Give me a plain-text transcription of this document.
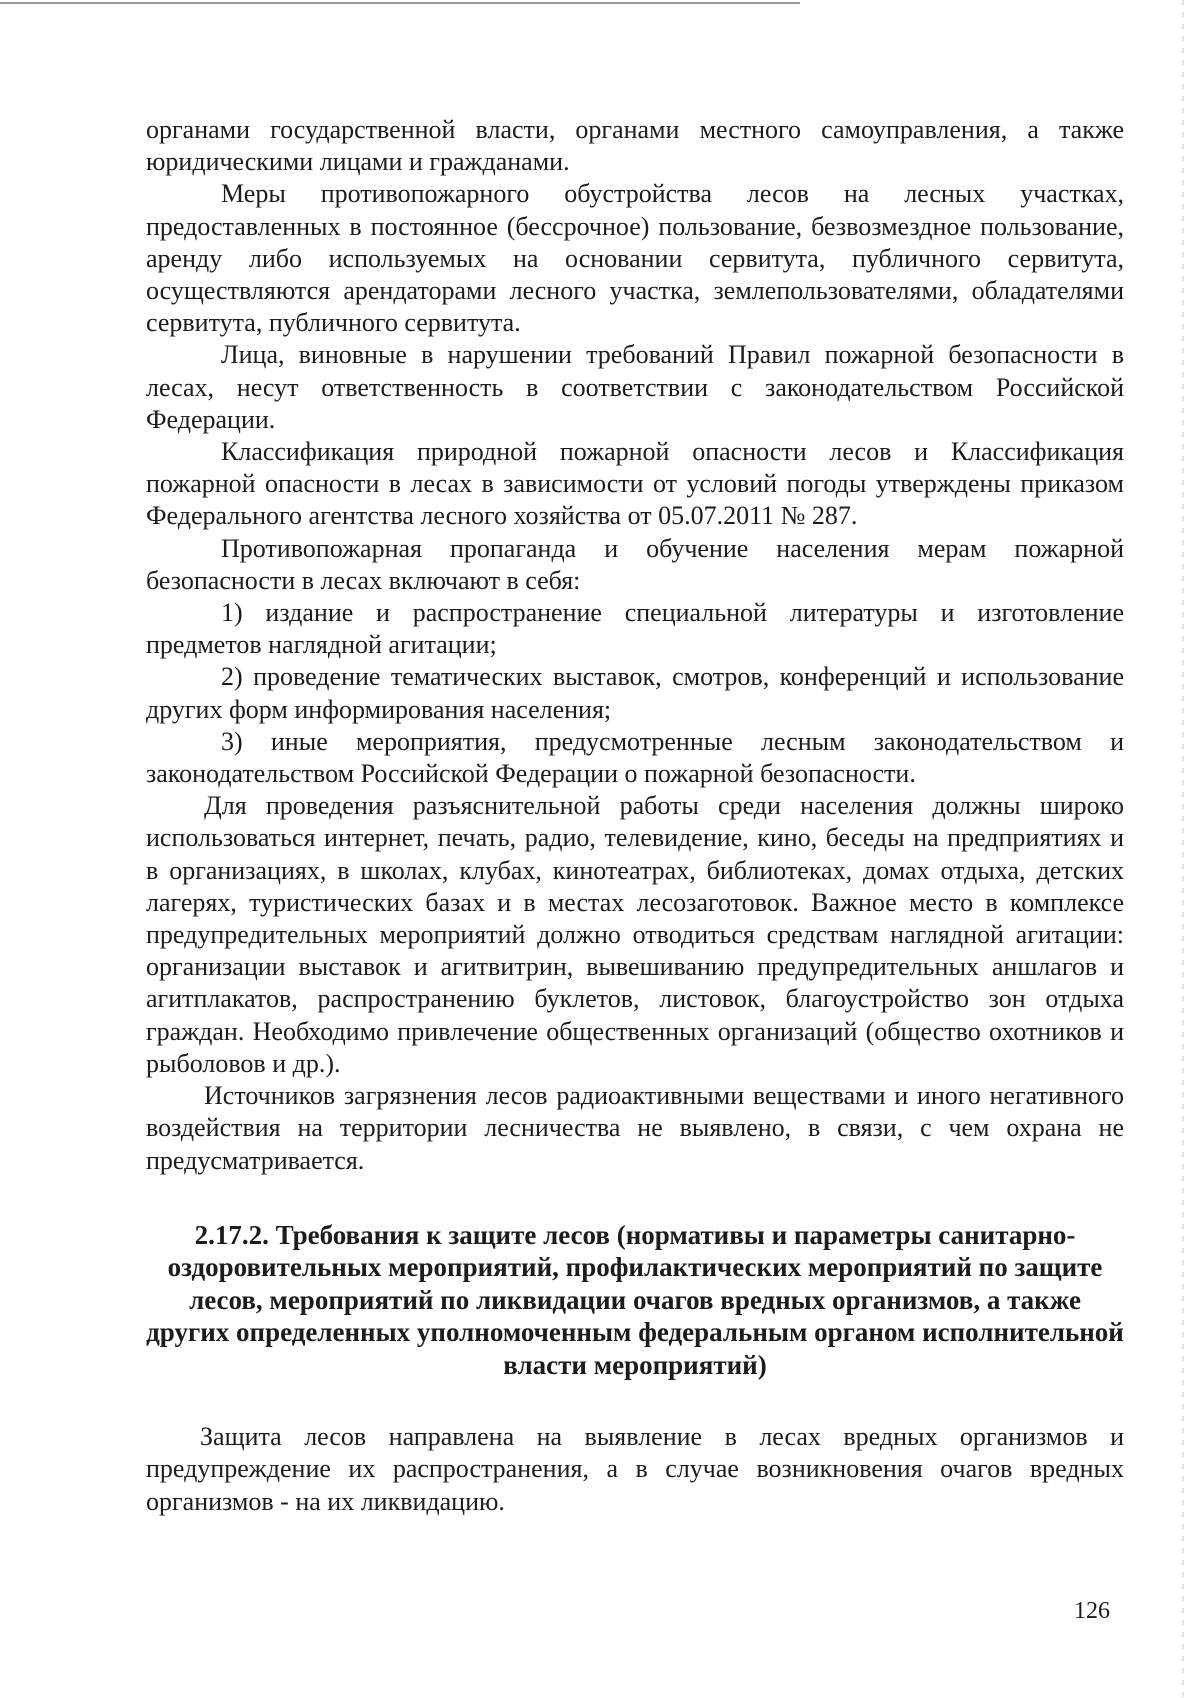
органами государственной власти, органами местного самоуправления, а также юридическими лицами и гражданами.

Меры противопожарного обустройства лесов на лесных участках, предоставленных в постоянное (бессрочное) пользование, безвозмездное пользование, аренду либо используемых на основании сервитута, публичного сервитута, осуществляются арендаторами лесного участка, землепользователями, обладателями сервитута, публичного сервитута.

Лица, виновные в нарушении требований Правил пожарной безопасности в лесах, несут ответственность в соответствии с законодательством Российской Федерации.

Классификация природной пожарной опасности лесов и Классификация пожарной опасности в лесах в зависимости от условий погоды утверждены приказом Федерального агентства лесного хозяйства от 05.07.2011 № 287.

Противопожарная пропаганда и обучение населения мерам пожарной безопасности в лесах включают в себя:

1) издание и распространение специальной литературы и изготовление предметов наглядной агитации;

2) проведение тематических выставок, смотров, конференций и использование других форм информирования населения;

3) иные мероприятия, предусмотренные лесным законодательством и законодательством Российской Федерации о пожарной безопасности.

Для проведения разъяснительной работы среди населения должны широко использоваться интернет, печать, радио, телевидение, кино, беседы на предприятиях и в организациях, в школах, клубах, кинотеатрах, библиотеках, домах отдыха, детских лагерях, туристических базах и в местах лесозаготовок. Важное место в комплексе предупредительных мероприятий должно отводиться средствам наглядной агитации: организации выставок и агитвитрин, вывешиванию предупредительных аншлагов и агитплакатов, распространению буклетов, листовок, благоустройство зон отдыха граждан. Необходимо привлечение общественных организаций (общество охотников и рыболовов и др.).

Источников загрязнения лесов радиоактивными веществами и иного негативного воздействия на территории лесничества не выявлено, в связи, с чем охрана не предусматривается.

2.17.2. Требования к защите лесов (нормативы и параметры санитарно-оздоровительных мероприятий, профилактических мероприятий по защите лесов, мероприятий по ликвидации очагов вредных организмов, а также других определенных уполномоченным федеральным органом исполнительной власти мероприятий)

Защита лесов направлена на выявление в лесах вредных организмов и предупреждение их распространения, а в случае возникновения очагов вредных организмов - на их ликвидацию.

126
